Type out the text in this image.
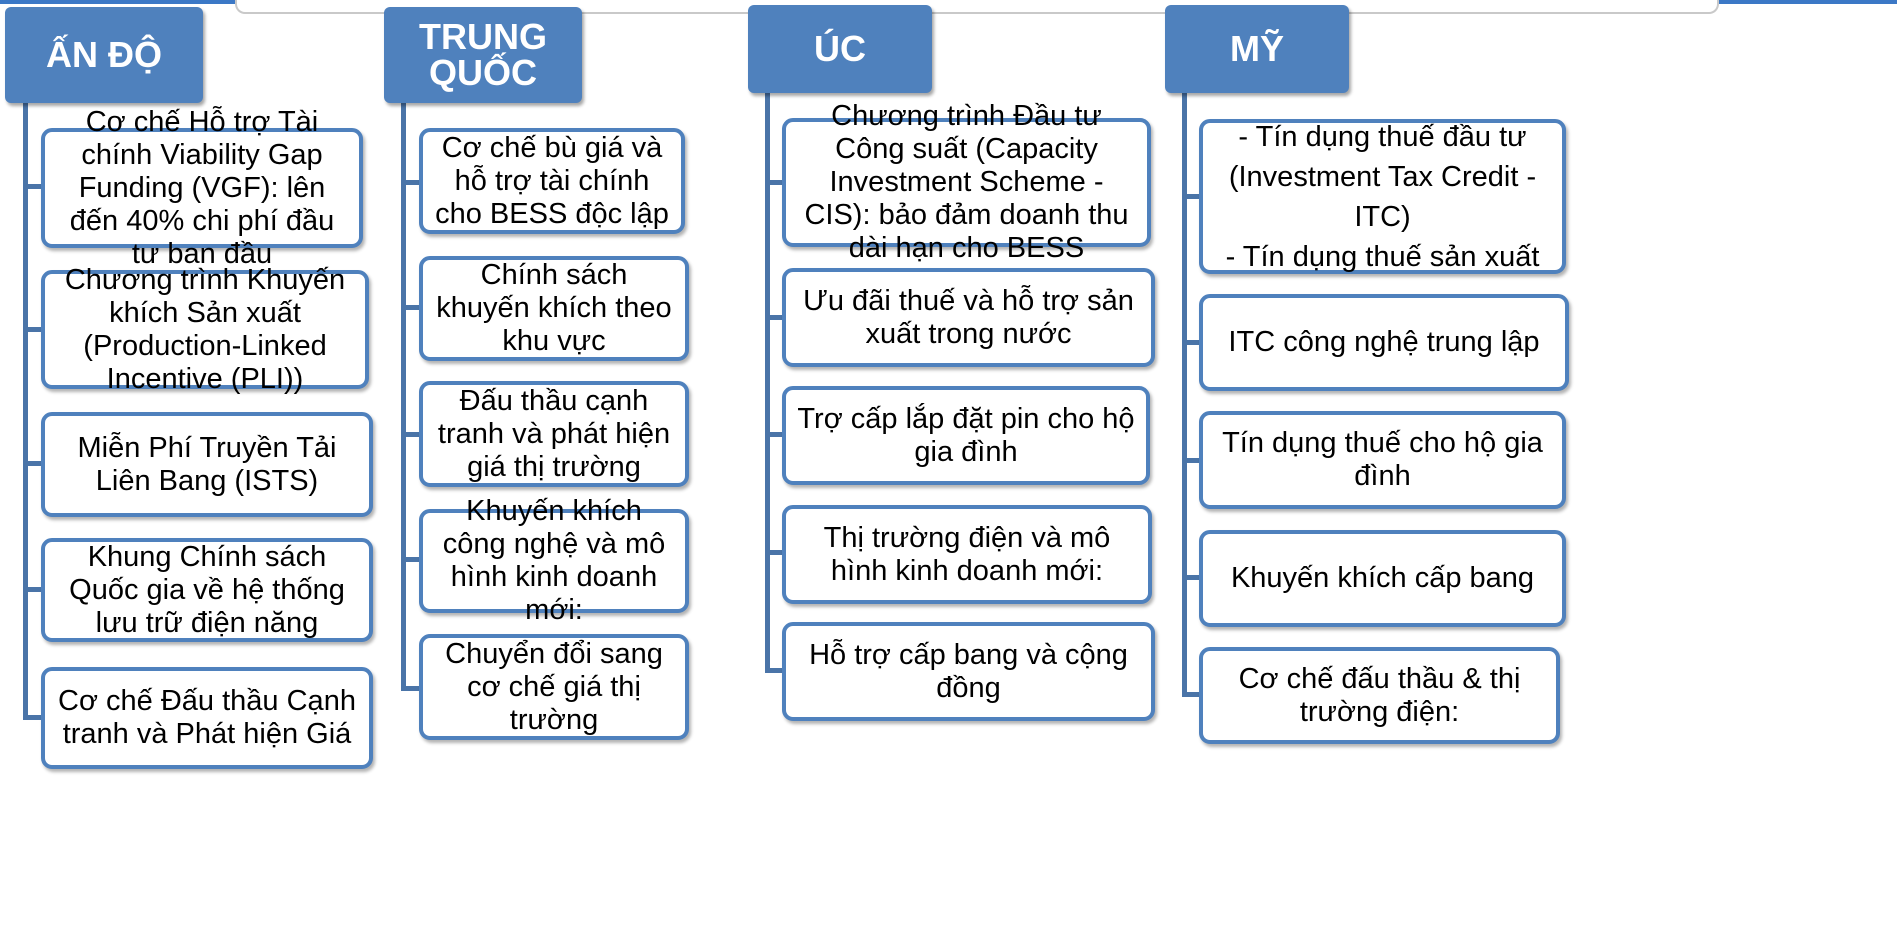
ẤN ĐỘ
Cơ chế Hỗ trợ Tài chính Viability Gap Funding (VGF): lên đến 40% chi phí đầu tư ban đầu
Chương trình Khuyến khích Sản xuất (Production-Linked Incentive (PLI))
Miễn Phí Truyền Tải Liên Bang (ISTS)
Khung Chính sách Quốc gia về hệ thống lưu trữ điện năng
Cơ chế Đấu thầu Cạnh tranh và Phát hiện Giá
TRUNG QUỐC
Cơ chế bù giá và hỗ trợ tài chính cho BESS độc lập
Chính sách khuyến khích theo khu vực
Đấu thầu cạnh tranh và phát hiện giá thị trường
Khuyến khích công nghệ và mô hình kinh doanh mới:
Chuyển đổi sang cơ chế giá thị trường
ÚC
Chương trình Đầu tư Công suất (Capacity Investment Scheme - CIS): bảo đảm doanh thu dài hạn cho BESS
Ưu đãi thuế và hỗ trợ sản xuất trong nước
Trợ cấp lắp đặt pin cho hộ gia đình
Thị trường điện và mô hình kinh doanh mới:
Hỗ trợ cấp bang và cộng đồng
MỸ
- Tín dụng thuế đầu tư (Investment Tax Credit - ITC)
- Tín dụng thuế sản xuất
ITC công nghệ trung lập
Tín dụng thuế cho hộ gia đình
Khuyến khích cấp bang
Cơ chế đấu thầu & thị trường điện:
